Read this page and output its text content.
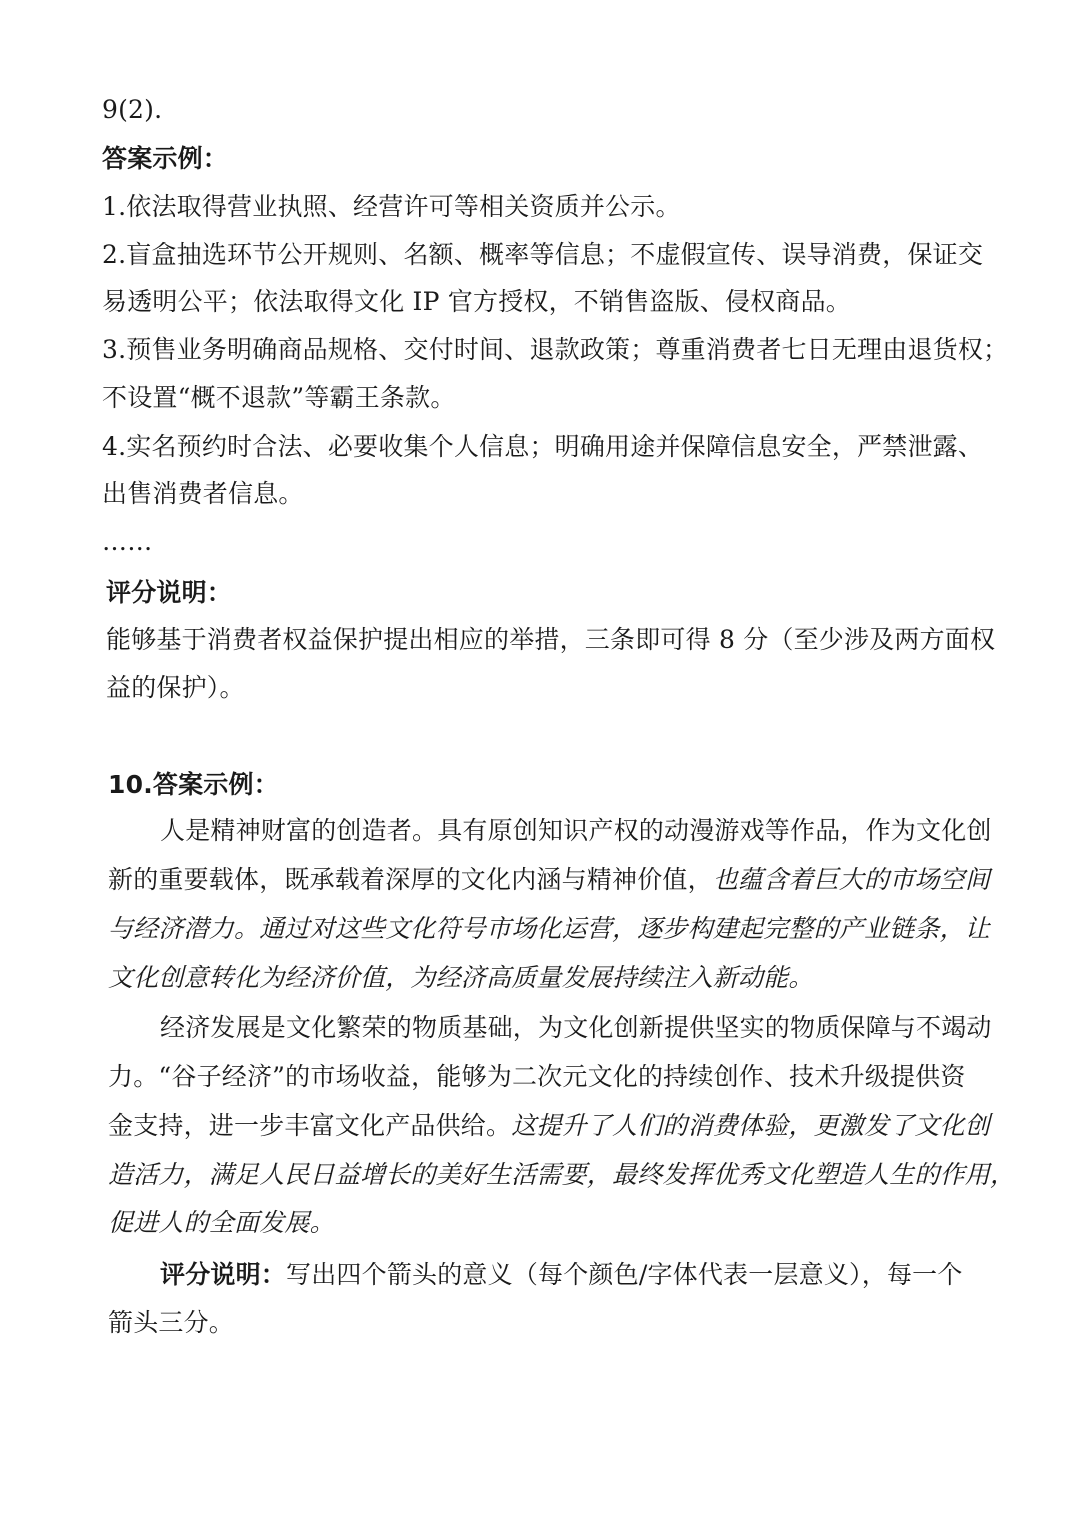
9(2).
答案示例：
1.依法取得营业执照、经营许可等相关资质并公示。
2.盲盒抽选环节公开规则、名额、概率等信息；不虚假宣传、误导消费，保证交
易透明公平；依法取得文化 IP 官方授权，不销售盗版、侵权商品。
3.预售业务明确商品规格、交付时间、退款政策；尊重消费者七日无理由退货权；
不设置“概不退款”等霸王条款。
4.实名预约时合法、必要收集个人信息；明确用途并保障信息安全，严禁泄露、
出售消费者信息。
……
评分说明：
能够基于消费者权益保护提出相应的举措，三条即可得 8 分（至少涉及两方面权
益的保护）。
10.答案示例：
人是精神财富的创造者。具有原创知识产权的动漫游戏等作品，作为文化创
新的重要载体，既承载着深厚的文化内涵与精神价值，也蕴含着巨大的市场空间
与经济潜力。通过对这些文化符号市场化运营，逐步构建起完整的产业链条，让
文化创意转化为经济价值，为经济高质量发展持续注入新动能。
经济发展是文化繁荣的物质基础，为文化创新提供坚实的物质保障与不竭动
力。“谷子经济”的市场收益，能够为二次元文化的持续创作、技术升级提供资
金支持，进一步丰富文化产品供给。这提升了人们的消费体验，更激发了文化创
造活力，满足人民日益增长的美好生活需要，最终发挥优秀文化塑造人生的作用，
促进人的全面发展。
评分说明：写出四个箭头的意义（每个颜色/字体代表一层意义），每一个
箭头三分。
